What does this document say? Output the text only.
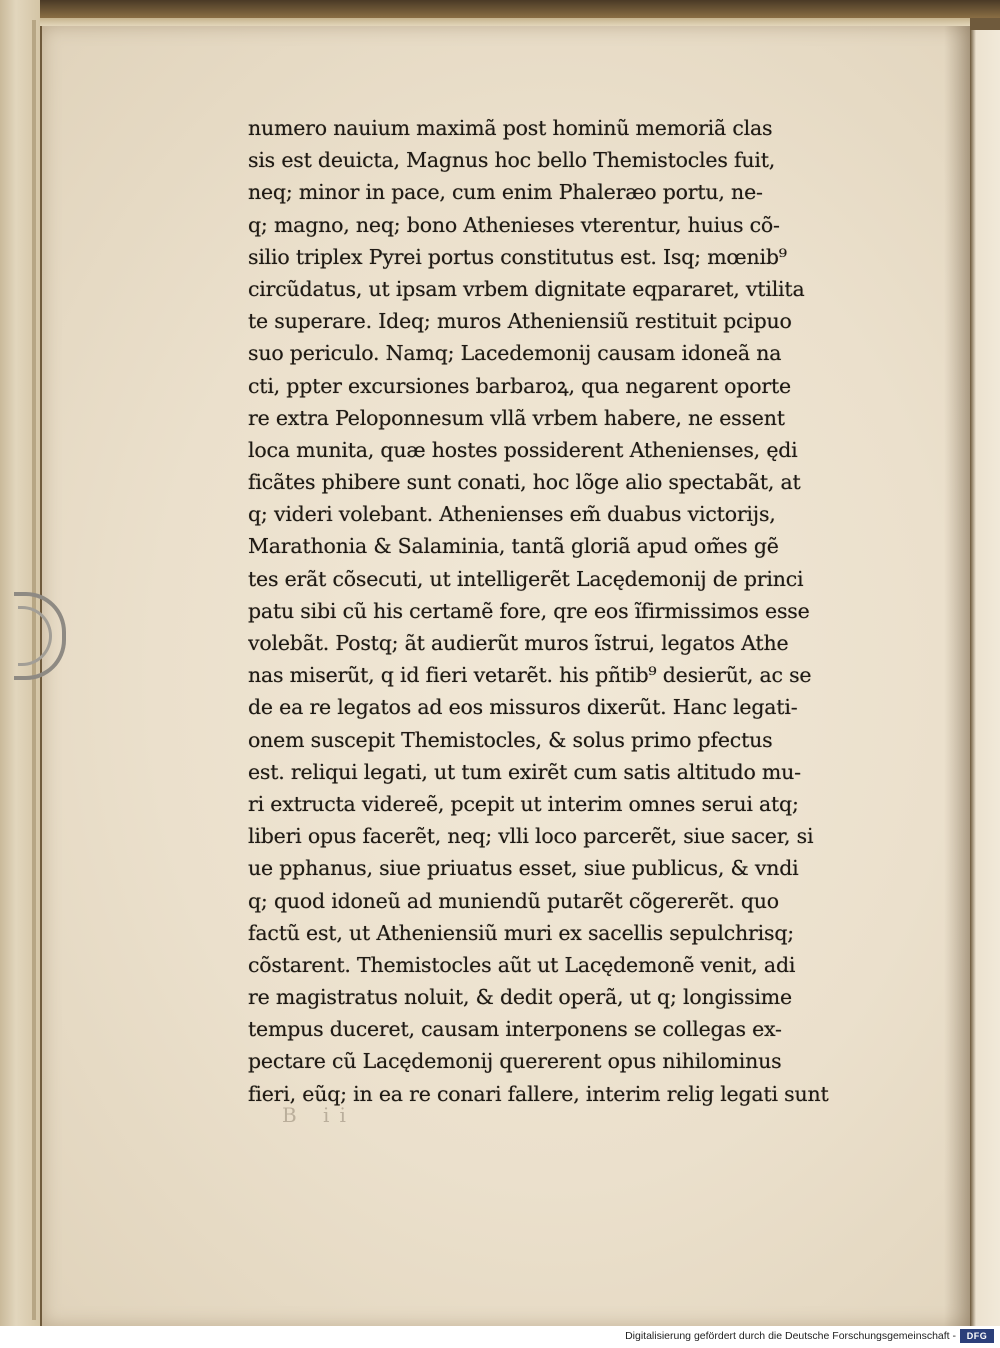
numero nauium maximã post hominũ memoriã clas
sis est deuicta, Magnus hoc bello Themistocles fuit,
neq; minor in pace, cum enim Phaleræo portu, ne-
q; magno, neq; bono Athenieses vterentur, huius cõ-
silio triplex Pyrei portus constitutus est. Isq; mœnib⁹
circũdatus, ut ipsam vrbem dignitate eqpararet, vtilita
te superare. Ideq; muros Atheniensiũ restituit pcipuo
suo periculo. Namq; Lacedemonij causam idoneã na
cti, ppter excursiones barbaroꝝ, qua negarent oporte
re extra Peloponnesum vllã vrbem habere, ne essent
loca munita, quæ hostes possiderent Athenienses, ędi
ficãtes phibere sunt conati, hoc lõge alio spectabãt, at
q; videri volebant. Athenienses em̃ duabus victorijs,
Marathonia & Salaminia, tantã gloriã apud om̃es gẽ
tes erãt cõsecuti, ut intelligerẽt Lacędemonij de princi
patu sibi cũ his certamẽ fore, qre eos ĩfirmissimos esse
volebãt. Postq; ãt audierũt muros ĩstrui, legatos Athe
nas miserũt, q id fieri vetarẽt. his pñtib⁹ desierũt, ac se
de ea re legatos ad eos missuros dixerũt. Hanc legati-
onem suscepit Themistocles, & solus primo pfectus
est. reliqui legati, ut tum exirẽt cum satis altitudo mu-
ri extructa videreẽ, pcepit ut interim omnes serui atq;
liberi opus facerẽt, neq; vlli loco parcerẽt, siue sacer, si
ue pphanus, siue priuatus esset, siue publicus, & vndi
q; quod idoneũ ad muniendũ putarẽt cõgererẽt. quo
factũ est, ut Atheniensiũ muri ex sacellis sepulchrisq;
cõstarent. Themistocles aũt ut Lacędemonẽ venit, adi
re magistratus noluit, & dedit operã, ut q; longissime
tempus duceret, causam interponens se collegas ex-
pectare cũ Lacędemonij quererent opus nihilominus
fieri, eũq; in ea re conari fallere, interim relig legati sunt
B ii
Digitalisierung gefördert durch die Deutsche Forschungsgemeinschaft -	DFG
